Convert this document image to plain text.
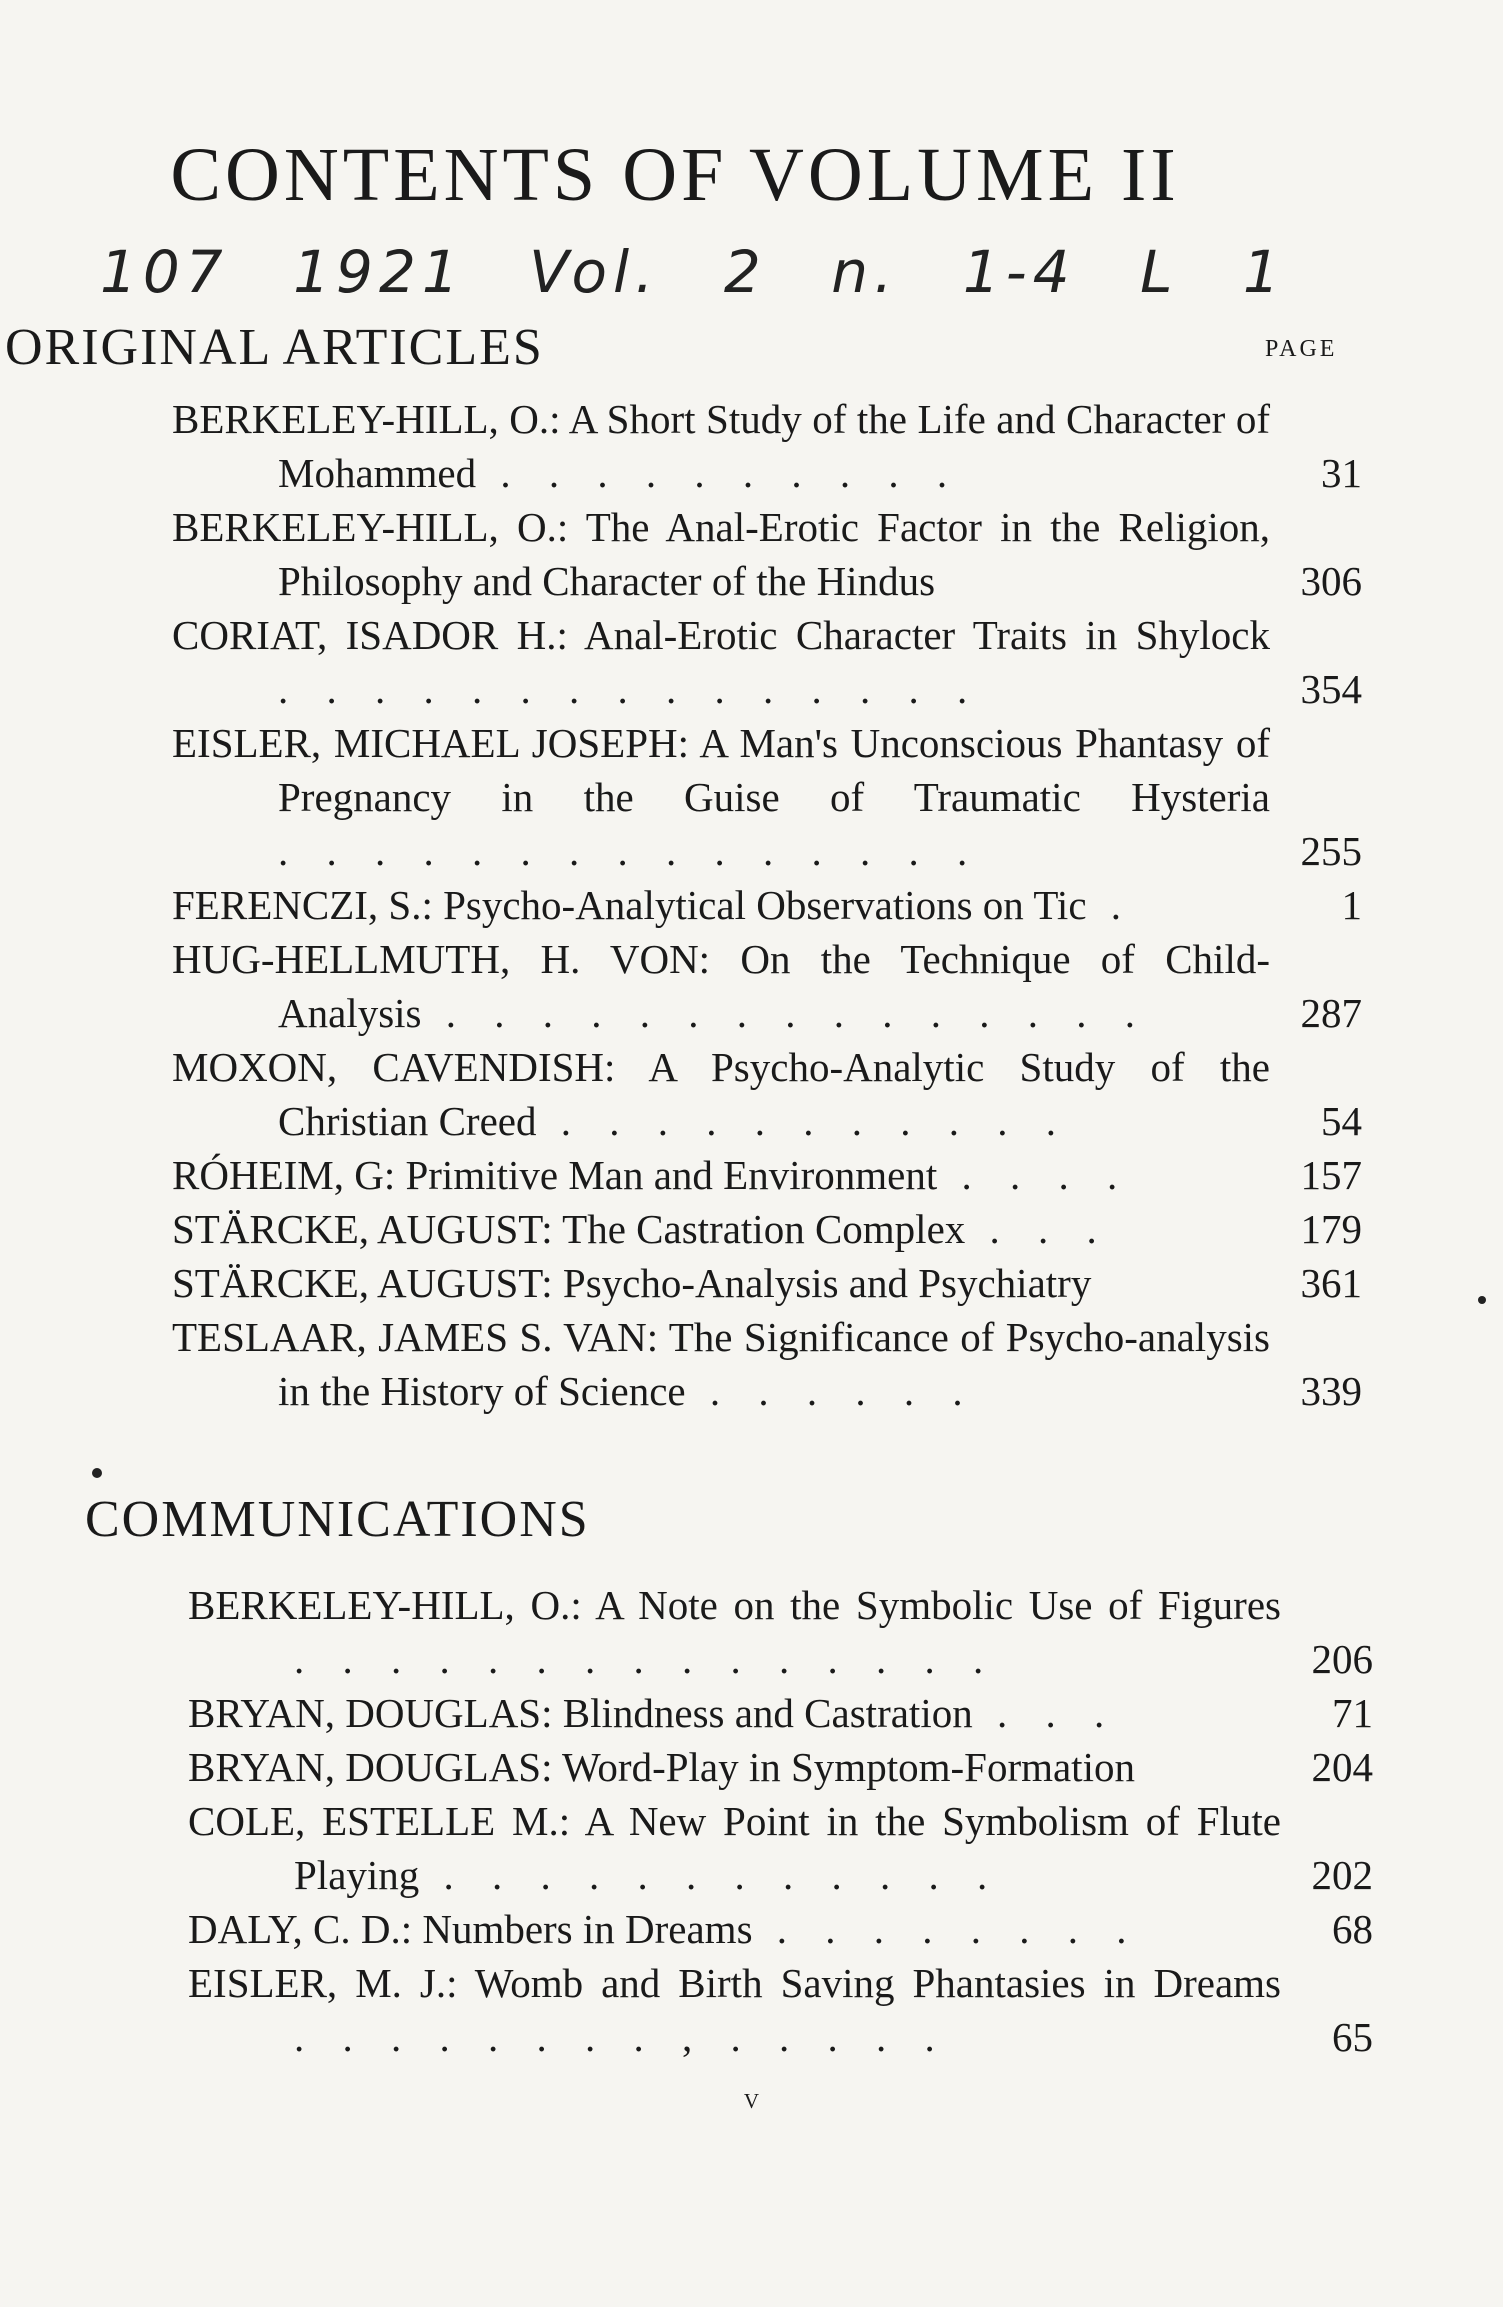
CONTENTS OF VOLUME II
107 1921 Vol. 2 n. 1-4 L 1
ORIGINAL ARTICLES	PAGE
BERKELEY-HILL, O.: A Short Study of the Life and Character of Mohammed . . . . . . . . . .	31
BERKELEY-HILL, O.: The Anal-Erotic Factor in the Religion, Philosophy and Character of the Hindus	306
CORIAT, ISADOR H.: Anal-Erotic Character Traits in Shylock . . . . . . . . . . . . . . .	354
EISLER, MICHAEL JOSEPH: A Man's Unconscious Phantasy of Pregnancy in the Guise of Traumatic Hysteria . . . . . . . . . . . . . . .	255
FERENCZI, S.: Psycho-Analytical Observations on Tic .	1
HUG-HELLMUTH, H. VON: On the Technique of Child-Analysis . . . . . . . . . . . . . . .	287
MOXON, CAVENDISH: A Psycho-Analytic Study of the Christian Creed . . . . . . . . . . .	54
RÓHEIM, G: Primitive Man and Environment . . . .	157
STÄRCKE, AUGUST: The Castration Complex . . .	179
STÄRCKE, AUGUST: Psycho-Analysis and Psychiatry	361
TESLAAR, JAMES S. VAN: The Significance of Psycho-analysis in the History of Science . . . . . .	339
COMMUNICATIONS
BERKELEY-HILL, O.: A Note on the Symbolic Use of Figures . . . . . . . . . . . . . . .	206
BRYAN, DOUGLAS: Blindness and Castration . . .	71
BRYAN, DOUGLAS: Word-Play in Symptom-Formation	204
COLE, ESTELLE M.: A New Point in the Symbolism of Flute Playing . . . . . . . . . . . .	202
DALY, C. D.: Numbers in Dreams . . . . . . . .	68
EISLER, M. J.: Womb and Birth Saving Phantasies in Dreams . . . . . . . . , . . . . .	65
v
